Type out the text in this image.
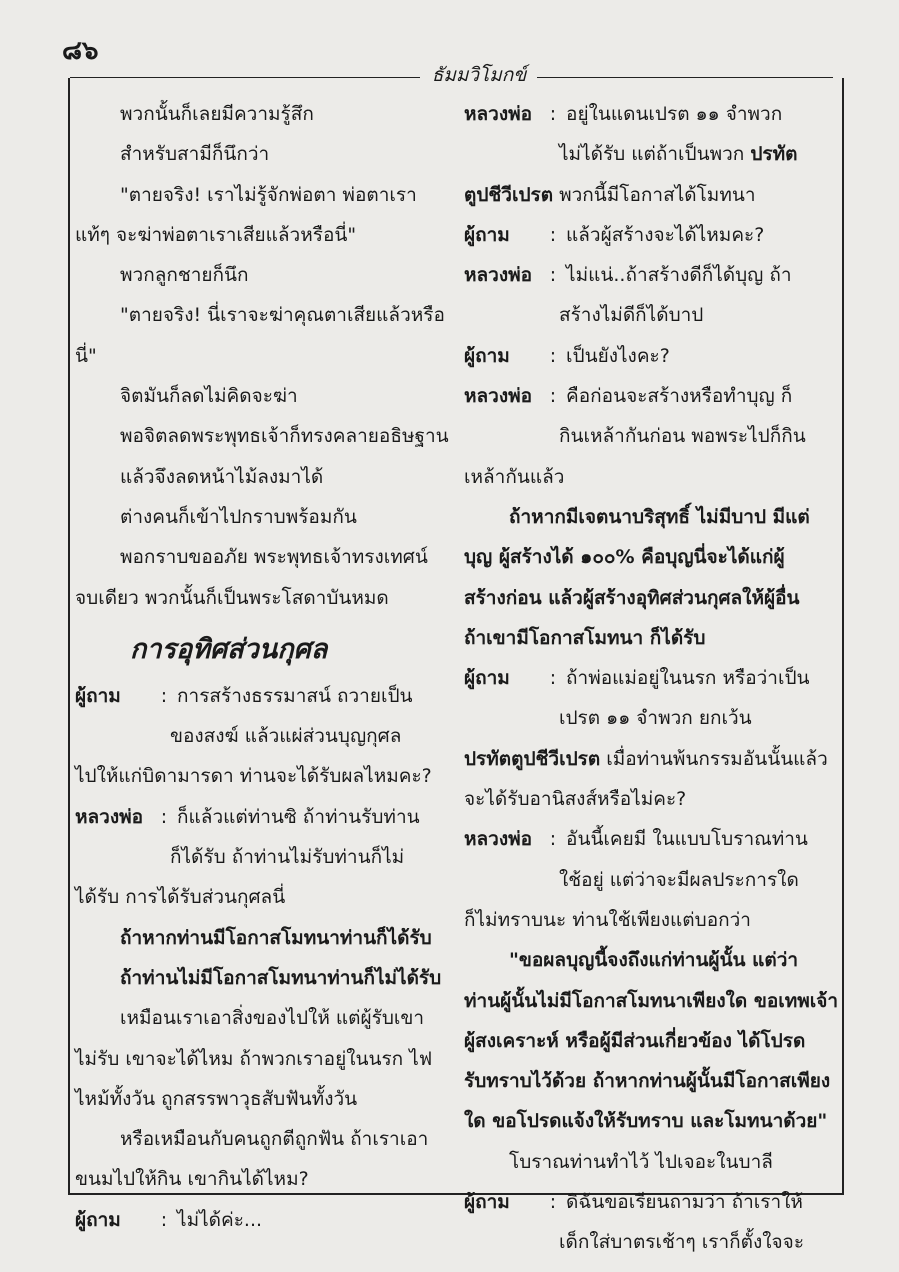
๘๖
ธัมมวิโมกข์
พวกนั้นก็เลยมีความรู้สึก
สำหรับสามีก็นึกว่า
"ตายจริง! เราไม่รู้จักพ่อตา พ่อตาเรา
แท้ๆ จะฆ่าพ่อตาเราเสียแล้วหรือนี่"
พวกลูกชายก็นึก
"ตายจริง! นี่เราจะฆ่าคุณตาเสียแล้วหรือ
นี่"
จิตมันก็ลดไม่คิดจะฆ่า
พอจิตลดพระพุทธเจ้าก็ทรงคลายอธิษฐาน
แล้วจึงลดหน้าไม้ลงมาได้
ต่างคนก็เข้าไปกราบพร้อมกัน
พอกราบขออภัย พระพุทธเจ้าทรงเทศน์
จบเดียว พวกนั้นก็เป็นพระโสดาบันหมด
การอุทิศส่วนกุศล
ผู้ถาม : การสร้างธรรมาสน์ ถวายเป็น
ของสงฆ์ แล้วแผ่ส่วนบุญกุศล
ไปให้แก่บิดามารดา ท่านจะได้รับผลไหมคะ?
หลวงพ่อ : ก็แล้วแต่ท่านซิ ถ้าท่านรับท่าน
ก็ได้รับ ถ้าท่านไม่รับท่านก็ไม่
ได้รับ การได้รับส่วนกุศลนี่
ถ้าหากท่านมีโอกาสโมทนาท่านก็ได้รับ
ถ้าท่านไม่มีโอกาสโมทนาท่านก็ไม่ได้รับ
เหมือนเราเอาสิ่งของไปให้ แต่ผู้รับเขา
ไม่รับ เขาจะได้ไหม ถ้าพวกเราอยู่ในนรก ไฟ
ไหม้ทั้งวัน ถูกสรรพาวุธสับฟันทั้งวัน
หรือเหมือนกับคนถูกตีถูกฟัน ถ้าเราเอา
ขนมไปให้กิน เขากินได้ไหม?
ผู้ถาม : ไม่ได้ค่ะ...
หลวงพ่อ : อยู่ในแดนเปรต ๑๑ จำพวก
ไม่ได้รับ แต่ถ้าเป็นพวก ปรทัต
ตูปชีวีเปรต พวกนี้มีโอกาสได้โมทนา
ผู้ถาม : แล้วผู้สร้างจะได้ไหมคะ?
หลวงพ่อ : ไม่แน่..ถ้าสร้างดีก็ได้บุญ ถ้า
สร้างไม่ดีก็ได้บาป
ผู้ถาม : เป็นยังไงคะ?
หลวงพ่อ : คือก่อนจะสร้างหรือทำบุญ ก็
กินเหล้ากันก่อน พอพระไปก็กิน
เหล้ากันแล้ว
ถ้าหากมีเจตนาบริสุทธิ์ ไม่มีบาป มีแต่
บุญ ผู้สร้างได้ ๑๐๐% คือบุญนี่จะได้แก่ผู้
สร้างก่อน แล้วผู้สร้างอุทิศส่วนกุศลให้ผู้อื่น
ถ้าเขามีโอกาสโมทนา ก็ได้รับ
ผู้ถาม : ถ้าพ่อแม่อยู่ในนรก หรือว่าเป็น
เปรต ๑๑ จำพวก ยกเว้น
ปรทัตตูปชีวีเปรต เมื่อท่านพ้นกรรมอันนั้นแล้ว
จะได้รับอานิสงส์หรือไม่คะ?
หลวงพ่อ : อันนี้เคยมี ในแบบโบราณท่าน
ใช้อยู่ แต่ว่าจะมีผลประการใด
ก็ไม่ทราบนะ ท่านใช้เพียงแต่บอกว่า
"ขอผลบุญนี้จงถึงแก่ท่านผู้นั้น แต่ว่า
ท่านผู้นั้นไม่มีโอกาสโมทนาเพียงใด ขอเทพเจ้า
ผู้สงเคราะห์ หรือผู้มีส่วนเกี่ยวข้อง ได้โปรด
รับทราบไว้ด้วย ถ้าหากท่านผู้นั้นมีโอกาสเพียง
ใด ขอโปรดแจ้งให้รับทราบ และโมทนาด้วย"
โบราณท่านทำไว้ ไปเจอะในบาลี
ผู้ถาม : ดิฉันขอเรียนถามว่า ถ้าเราให้
เด็กใส่บาตรเช้าๆ เราก็ตั้งใจจะ
